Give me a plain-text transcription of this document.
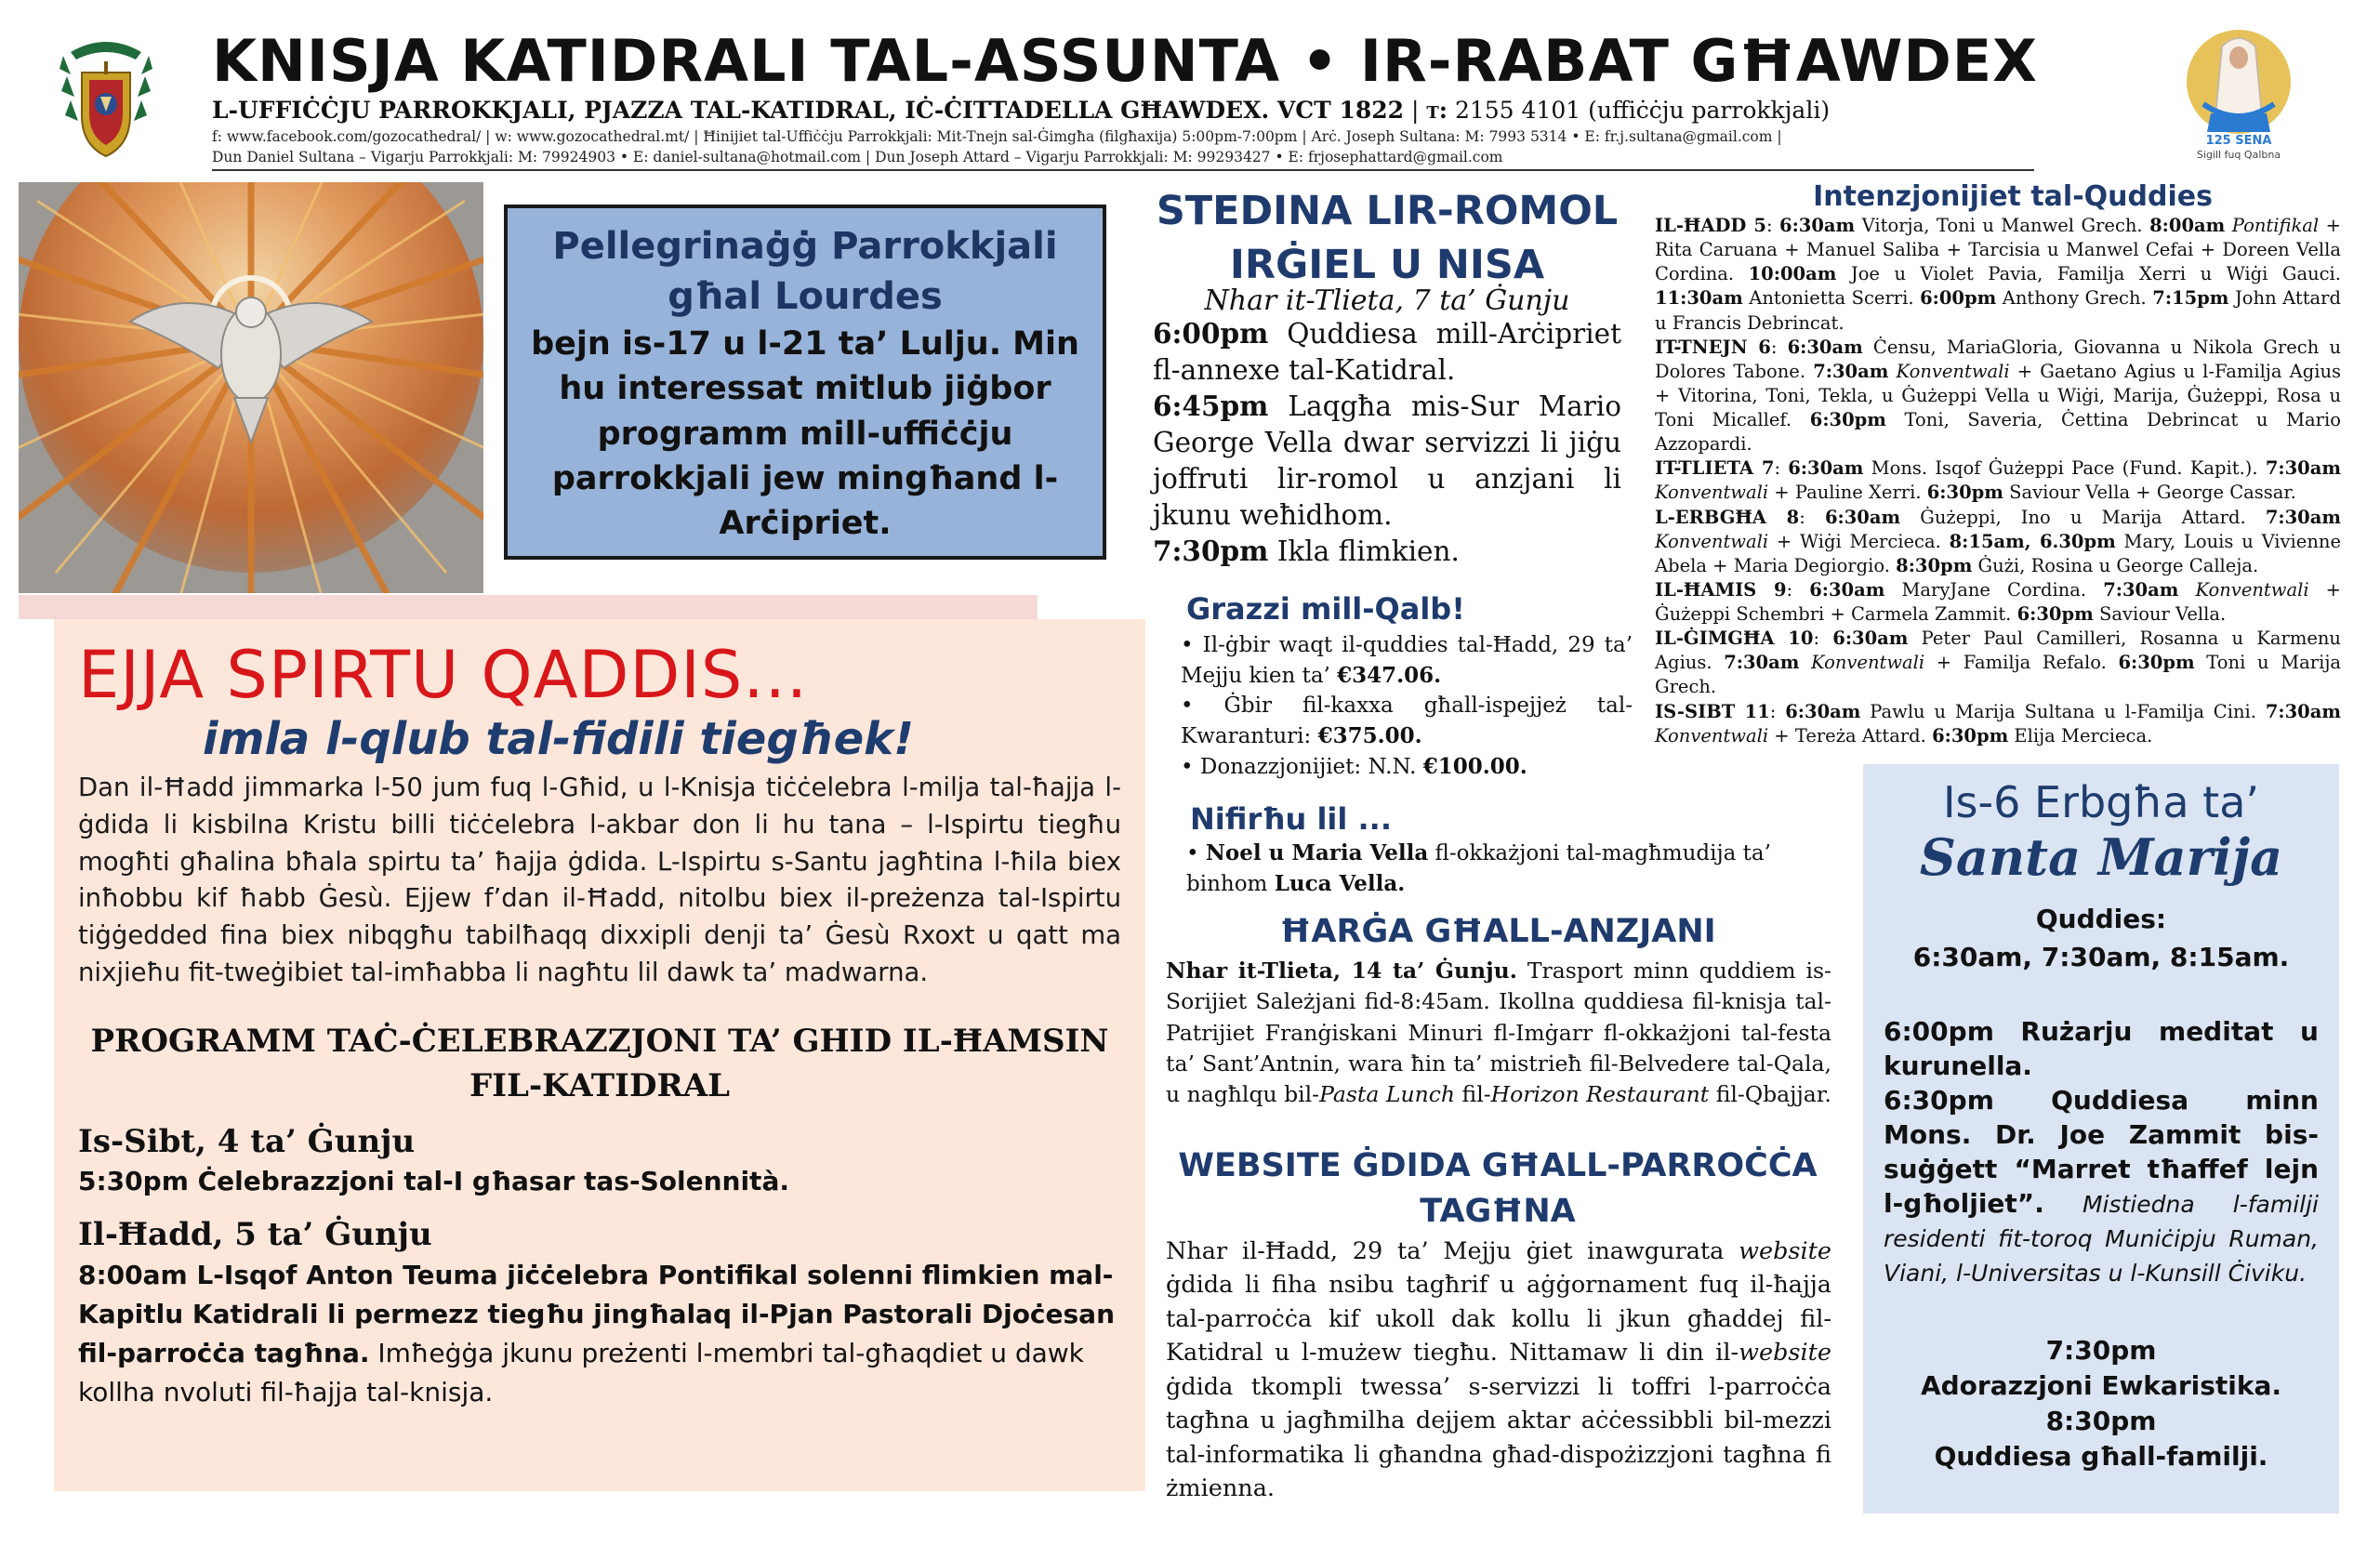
KNISJA KATIDRALI TAL-ASSUNTA • IR-RABAT GĦAWDEX
L-UFFIĊĊJU PARROKKJALI, PJAZZA TAL-KATIDRAL, IĊ-ĊITTADELLA GĦAWDEX. VCT 1822 | t: 2155 4101 (uffiċċju parrokkjali)
f: www.facebook.com/gozocathedral/ | w: www.gozocathedral.mt/ | Ħinijiet tal-Uffiċċju Parrokkjali: Mit-Tnejn sal-Ġimgħa (filgħaxija) 5:00pm-7:00pm | Arċ. Joseph Sultana: M: 7993 5314 • E: fr.j.sultana@gmail.com |
Dun Daniel Sultana – Vigarju Parrokkjali: M: 79924903 • E: daniel-sultana@hotmail.com | Dun Joseph Attard – Vigarju Parrokkjali: M: 99293427 • E: frjosephattard@gmail.com
125 SENA
Sigill fuq Qalbna
Pellegrinaġġ Parrokkjali għal Lourdes
bejn is-17 u l-21 ta’ Lulju. Min hu interessat mitlub jiġbor programm mill-uffiċċju parrokkjali jew mingħand l-Arċipriet.
EJJA SPIRTU QADDIS...
imla l-qlub tal-fidili tiegħek!
Dan il-Ħadd jimmarka l-50 jum fuq l-Għid, u l-Knisja tiċċelebra l-milja tal-ħajja l-ġdida li kisbilna Kristu billi tiċċelebra l-akbar don li hu tana – l-Ispirtu tiegħu mogħti għalina bħala spirtu ta’ ħajja ġdida. L-Ispirtu s-Santu jagħtina l-ħila biex inħobbu kif ħabb Ġesù. Ejjew f’dan il-Ħadd, nitolbu biex il-preżenza tal-Ispirtu tiġġedded fina biex nibqgħu tabilħaqq dixxipli denji ta’ Ġesù Rxoxt u qatt ma nixjieħu fit-tweġibiet tal-imħabba li nagħtu lil dawk ta’ madwarna.
PROGRAMM TAĊ-ĊELEBRAZZJONI TA’ GHID IL-ĦAMSIN FIL-KATIDRAL
Is-Sibt, 4 ta’ Ġunju
5:30pm Ċelebrazzjoni tal-I għasar tas-Solennità.
Il-Ħadd, 5 ta’ Ġunju
8:00am L-Isqof Anton Teuma jiċċelebra Pontifikal solenni flimkien mal-Kapitlu Katidrali li permezz tiegħu jingħalaq il-Pjan Pastorali Djoċesan fil-parroċċa tagħna. Imħeġġa jkunu preżenti l-membri tal-għaqdiet u dawk kollha nvoluti fil-ħajja tal-knisja.
STEDINA LIR-ROMOL IRĠIEL U NISA
Nhar it-Tlieta, 7 ta’ Ġunju
6:00pm Quddiesa mill-Arċipriet fl-annexe tal-Katidral.
6:45pm Laqgħa mis-Sur Mario George Vella dwar servizzi li jiġu joffruti lir-romol u anzjani li jkunu weħidhom.
7:30pm Ikla flimkien.
Grazzi mill-Qalb!
• Il-ġbir waqt il-quddies tal-Ħadd, 29 ta’ Mejju kien ta’ €347.06.
• Ġbir fil-kaxxa għall-ispejjeż tal-Kwaranturi: €375.00.
• Donazzjonijiet: N.N. €100.00.
Nifirħu lil ...
• Noel u Maria Vella fl-okkażjoni tal-magħmudija ta’ binhom Luca Vella.
ĦARĠA GĦALL-ANZJANI
Nhar it-Tlieta, 14 ta’ Ġunju. Trasport minn quddiem is-Sorijiet Sależjani fid-8:45am. Ikollna quddiesa fil-knisja tal-Patrijiet Franġiskani Minuri fl-Imġarr fl-okkażjoni tal-festa ta’ Sant’Antnin, wara ħin ta’ mistrieħ fil-Belvedere tal-Qala, u nagħlqu bil-Pasta Lunch fil-Horizon Restaurant fil-Qbajjar.
WEBSITE ĠDIDA GĦALL-PARROĊĊA TAGĦNA
Nhar il-Ħadd, 29 ta’ Mejju ġiet inawgurata website ġdida li fiha nsibu tagħrif u aġġornament fuq il-ħajja tal-parroċċa kif ukoll dak kollu li jkun għaddej fil-Katidral u l-mużew tiegħu. Nittamaw li din il-website ġdida tkompli twessa’ s-servizzi li toffri l-parroċċa tagħna u jagħmilha dejjem aktar aċċessibbli bil-mezzi tal-informatika li għandna għad-dispożizzjoni tagħna fi żmienna.
Intenzjonijiet tal-Quddies
IL-ĦADD 5: 6:30am Vitorja, Toni u Manwel Grech. 8:00am Pontifikal + Rita Caruana + Manuel Saliba + Tarcisia u Manwel Cefai + Doreen Vella Cordina. 10:00am Joe u Violet Pavia, Familja Xerri u Wiġi Gauci. 11:30am Antonietta Scerri. 6:00pm Anthony Grech. 7:15pm John Attard u Francis Debrincat.
IT-TNEJN 6: 6:30am Ċensu, MariaGloria, Giovanna u Nikola Grech u Dolores Tabone. 7:30am Konventwali + Gaetano Agius u l-Familja Agius + Vitorina, Toni, Tekla, u Ġużeppi Vella u Wiġi, Marija, Ġużeppi, Rosa u Toni Micallef. 6:30pm Toni, Saveria, Ċettina Debrincat u Mario Azzopardi.
IT-TLIETA 7: 6:30am Mons. Isqof Ġużeppi Pace (Fund. Kapit.). 7:30am Konventwali + Pauline Xerri. 6:30pm Saviour Vella + George Cassar.
L-ERBGĦA 8: 6:30am Ġużeppi, Ino u Marija Attard. 7:30am Konventwali + Wiġi Mercieca. 8:15am, 6.30pm Mary, Louis u Vivienne Abela + Maria Degiorgio. 8:30pm Ġużi, Rosina u George Calleja.
IL-ĦAMIS 9: 6:30am MaryJane Cordina. 7:30am Konventwali + Ġużeppi Schembri + Carmela Zammit. 6:30pm Saviour Vella.
IL-ĠIMGĦA 10: 6:30am Peter Paul Camilleri, Rosanna u Karmenu Agius. 7:30am Konventwali + Familja Refalo. 6:30pm Toni u Marija Grech.
IS-SIBT 11: 6:30am Pawlu u Marija Sultana u l-Familja Cini. 7:30am Konventwali + Tereża Attard. 6:30pm Elija Mercieca.
Is-6 Erbgħa ta’
Santa Marija
Quddies:
6:30am, 7:30am, 8:15am.
6:00pm Rużarju meditat u kurunella.
6:30pm Quddiesa minn Mons. Dr. Joe Zammit bis-suġġett “Marret tħaffef lejn l-għoljiet”. Mistiedna l-familji residenti fit-toroq Muniċipju Ruman, Viani, l-Universitas u l-Kunsill Ċiviku.
7:30pm
Adorazzjoni Ewkaristika.
8:30pm
Quddiesa għall-familji.
